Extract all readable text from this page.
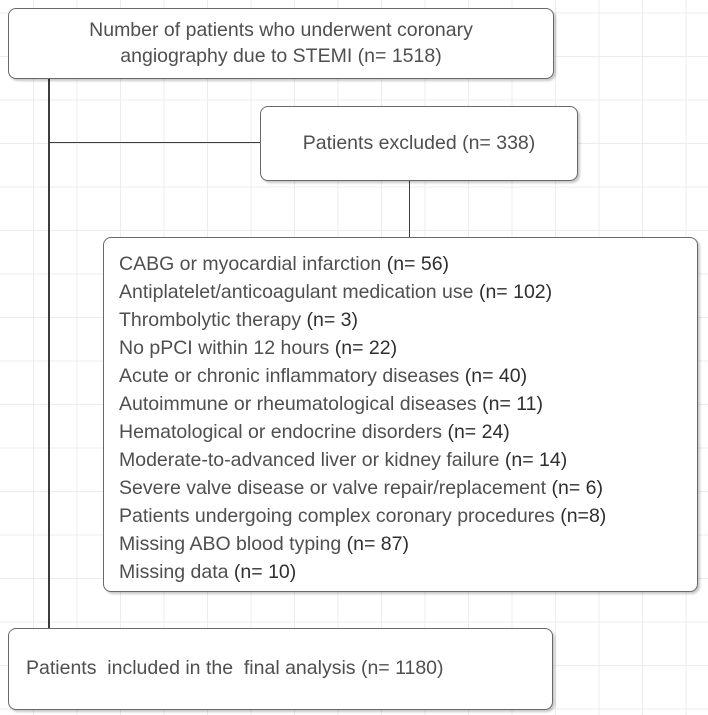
Number of patients who underwent coronary angiography due to STEMI (n= 1518)
Patients excluded (n= 338)
CABG or myocardial infarction (n= 56)
Antiplatelet/anticoagulant medication use (n= 102)
Thrombolytic therapy (n= 3)
No pPCI within 12 hours (n= 22)
Acute or chronic inflammatory diseases (n= 40)
Autoimmune or rheumatological diseases (n= 11)
Hematological or endocrine disorders (n= 24)
Moderate-to-advanced liver or kidney failure (n= 14)
Severe valve disease or valve repair/replacement (n= 6)
Patients undergoing complex coronary procedures (n=8)
Missing ABO blood typing (n= 87)
Missing data (n= 10)
Patients  included in the  final analysis (n= 1180)
